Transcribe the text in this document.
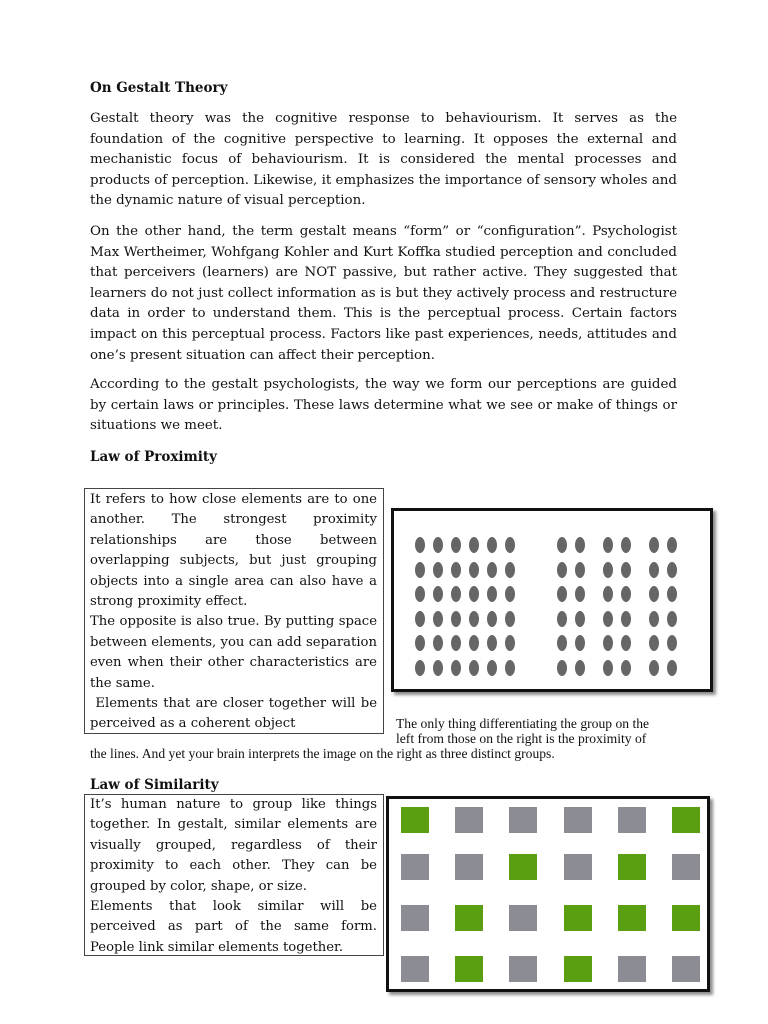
On Gestalt Theory
Gestalt theory was the cognitive response to behaviourism. It serves as the foundation of the cognitive perspective to learning. It opposes the external and mechanistic focus of behaviourism. It is considered the mental processes and products of perception. Likewise, it emphasizes the importance of sensory wholes and the dynamic nature of visual perception.
On the other hand, the term gestalt means “form” or “configuration”. Psychologist Max Wertheimer, Wohfgang Kohler and Kurt Koffka studied perception and concluded that perceivers (learners) are NOT passive, but rather active. They suggested that learners do not just collect information as is but they actively process and restructure data in order to understand them. This is the perceptual process. Certain factors impact on this perceptual process. Factors like past experiences, needs, attitudes and one’s present situation can affect their perception.
According to the gestalt psychologists, the way we form our perceptions are guided by certain laws or principles. These laws determine what we see or make of things or situations we meet.
Law of Proximity
It refers to how close elements are to one another. The strongest proximity relationships are those between overlapping subjects, but just grouping objects into a single area can also have a strong proximity effect.
The opposite is also true. By putting space between elements, you can add separation even when their other characteristics are the same.
Elements that are closer together will be perceived as a coherent object	The only thing differentiating the group on the
left from those on the right is the proximity of
the lines. And yet your brain interprets the image on the right as three distinct groups.
Law of Similarity
It’s human nature to group like things together. In gestalt, similar elements are visually grouped, regardless of their proximity to each other. They can be grouped by color, shape, or size.
Elements that look similar will be perceived as part of the same form. People link similar elements together.
